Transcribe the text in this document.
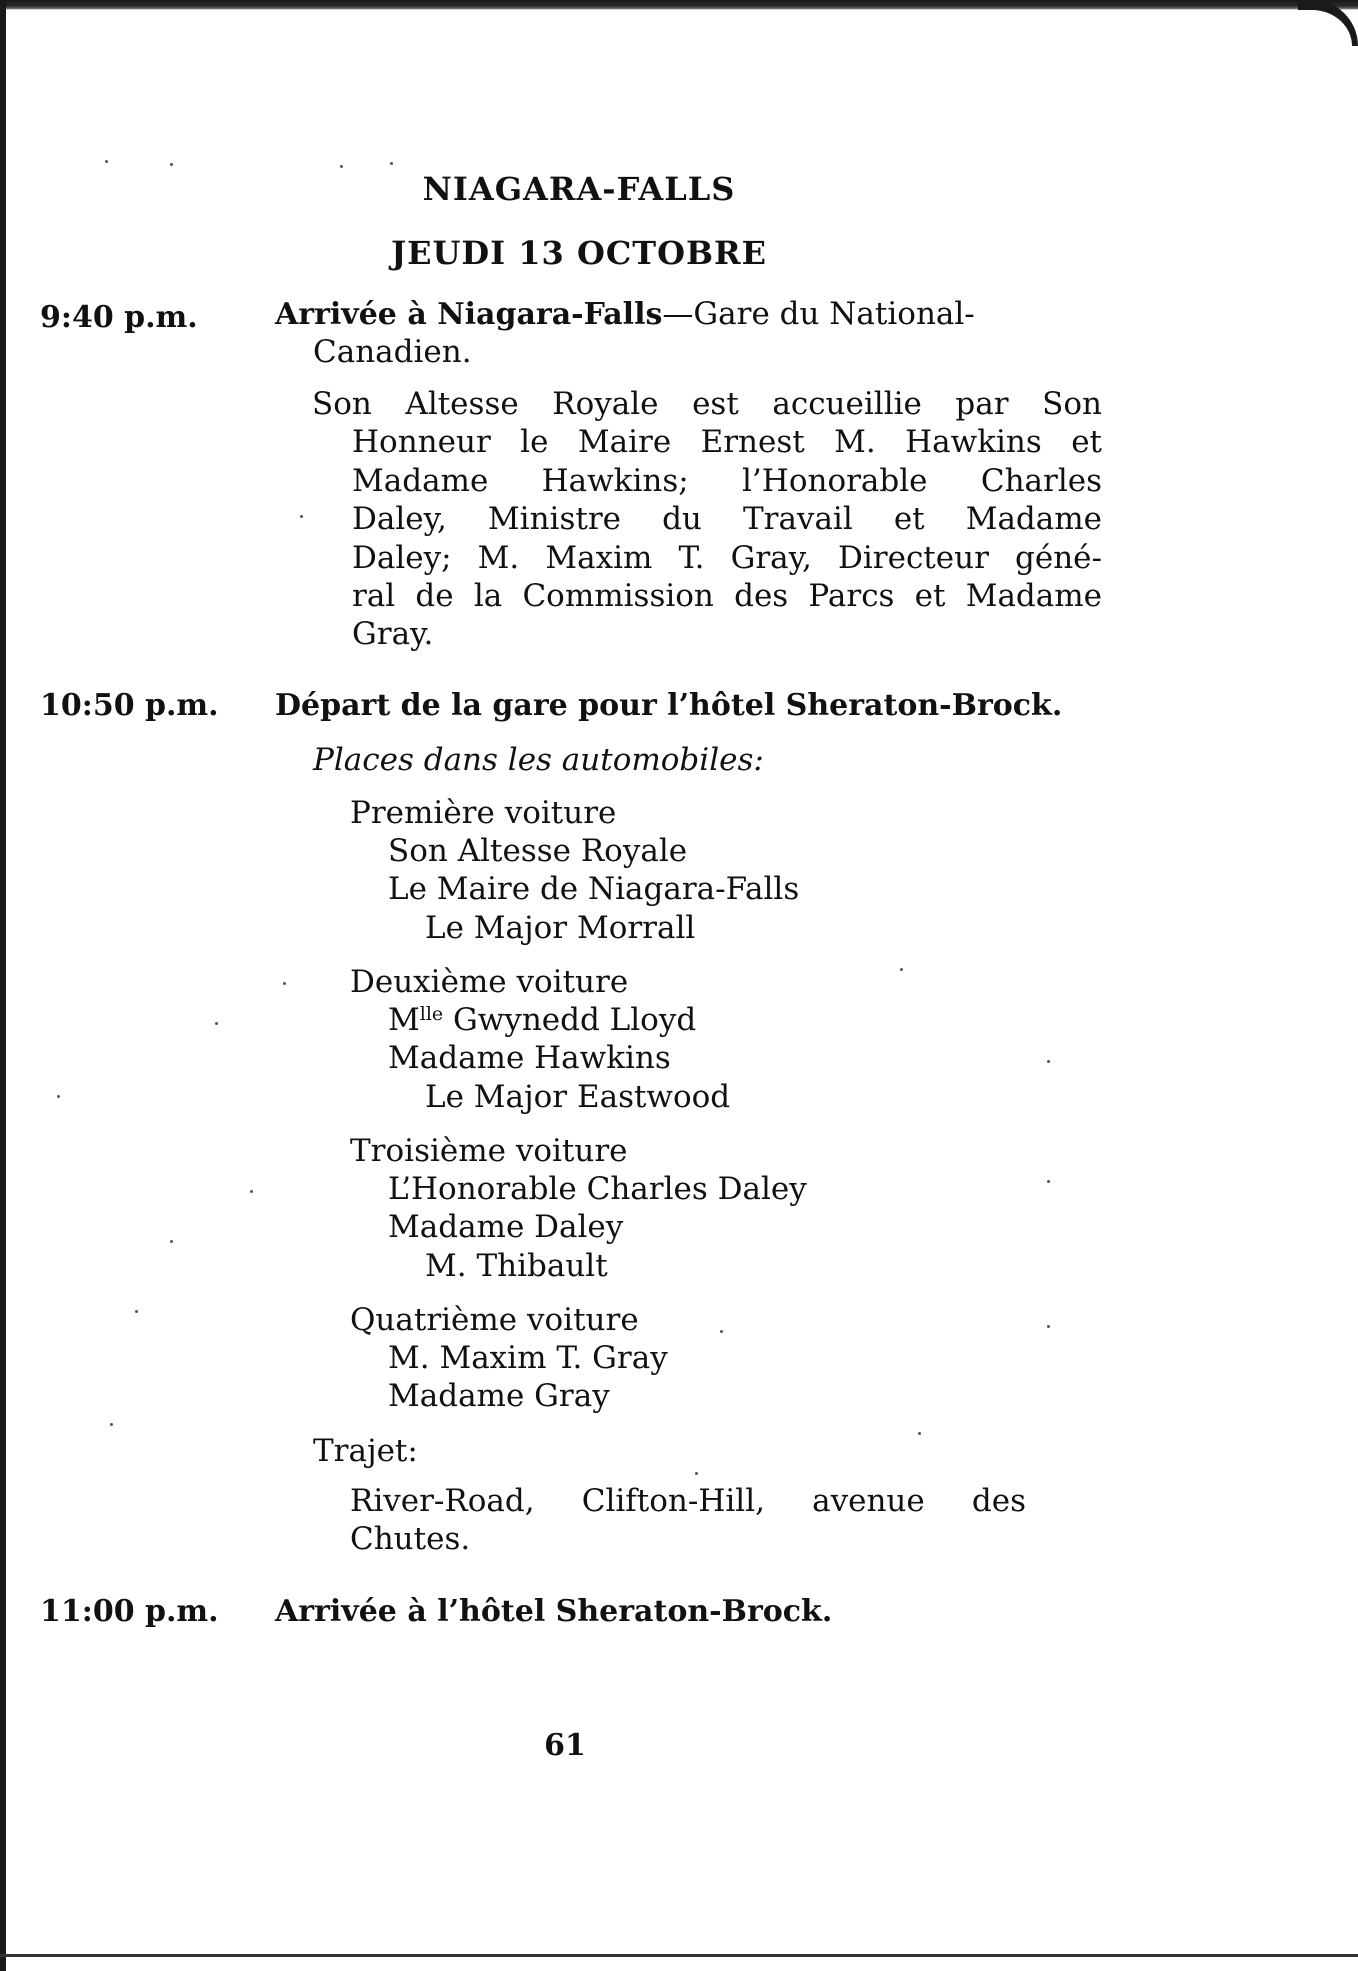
NIAGARA-FALLS
JEUDI 13 OCTOBRE
9:40 p.m.	Arrivée à Niagara-Falls—Gare du National-
Canadien.
Son Altesse Royale est accueillie par Son
Honneur le Maire Ernest M. Hawkins et
Madame Hawkins; l’Honorable Charles
Daley, Ministre du Travail et Madame
Daley; M. Maxim T. Gray, Directeur géné-
ral de la Commission des Parcs et Madame
Gray.
10:50 p.m.	Départ de la gare pour l’hôtel Sheraton-Brock.
Places dans les automobiles:
Première voiture
Son Altesse Royale
Le Maire de Niagara-Falls
Le Major Morrall
Deuxième voiture
$M^{lle}$ Gwynedd Lloyd
Madame Hawkins
Le Major Eastwood
Troisième voiture
L’Honorable Charles Daley
Madame Daley
M. Thibault
Quatrième voiture
M. Maxim T. Gray
Madame Gray
Trajet:
River-Road, Clifton-Hill, avenue des
Chutes.
11:00 p.m.	Arrivée à l’hôtel Sheraton-Brock.
61
